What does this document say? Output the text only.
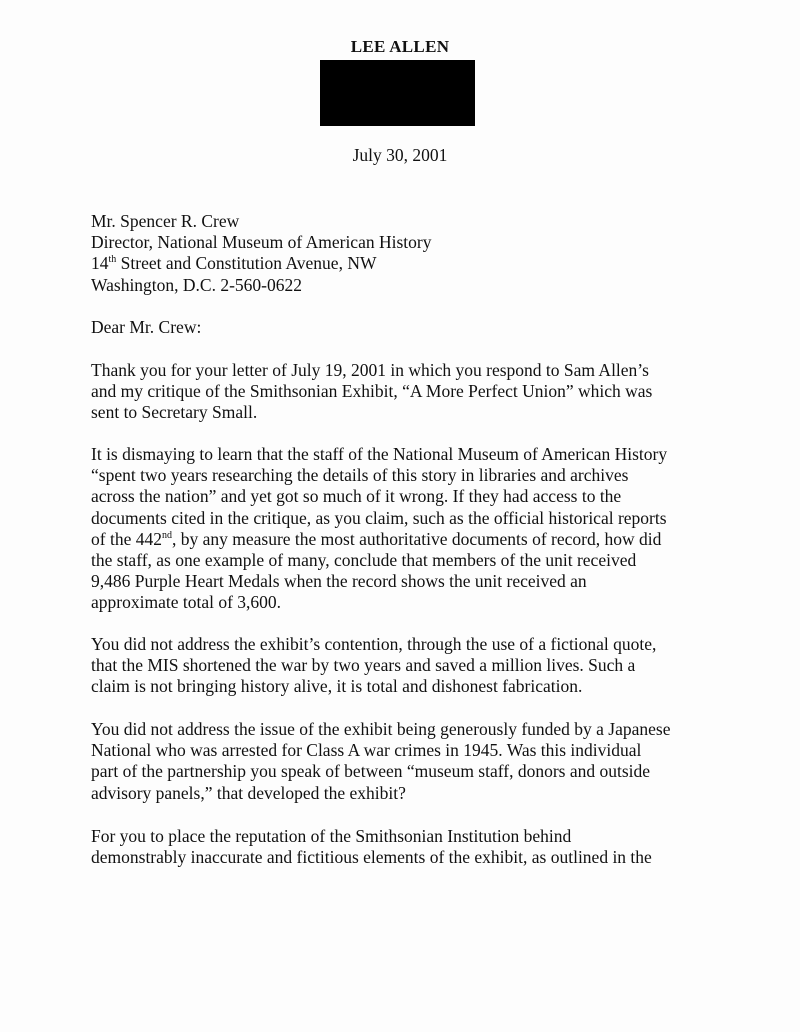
LEE ALLEN
July 30, 2001
Mr. Spencer R. Crew
Director, National Museum of American History
14th Street and Constitution Avenue, NW
Washington, D.C. 2-560-0622
Dear Mr. Crew:
Thank you for your letter of July 19, 2001 in which you respond to Sam Allen’s
and my critique of the Smithsonian Exhibit, “A More Perfect Union” which was
sent to Secretary Small.
It is dismaying to learn that the staff of the National Museum of American History
“spent two years researching the details of this story in libraries and archives
across the nation” and yet got so much of it wrong. If they had access to the
documents cited in the critique, as you claim, such as the official historical reports
of the 442nd, by any measure the most authoritative documents of record, how did
the staff, as one example of many, conclude that members of the unit received
9,486 Purple Heart Medals when the record shows the unit received an
approximate total of 3,600.
You did not address the exhibit’s contention, through the use of a fictional quote,
that the MIS shortened the war by two years and saved a million lives. Such a
claim is not bringing history alive, it is total and dishonest fabrication.
You did not address the issue of the exhibit being generously funded by a Japanese
National who was arrested for Class A war crimes in 1945. Was this individual
part of the partnership you speak of between “museum staff, donors and outside
advisory panels,” that developed the exhibit?
For you to place the reputation of the Smithsonian Institution behind
demonstrably inaccurate and fictitious elements of the exhibit, as outlined in the
